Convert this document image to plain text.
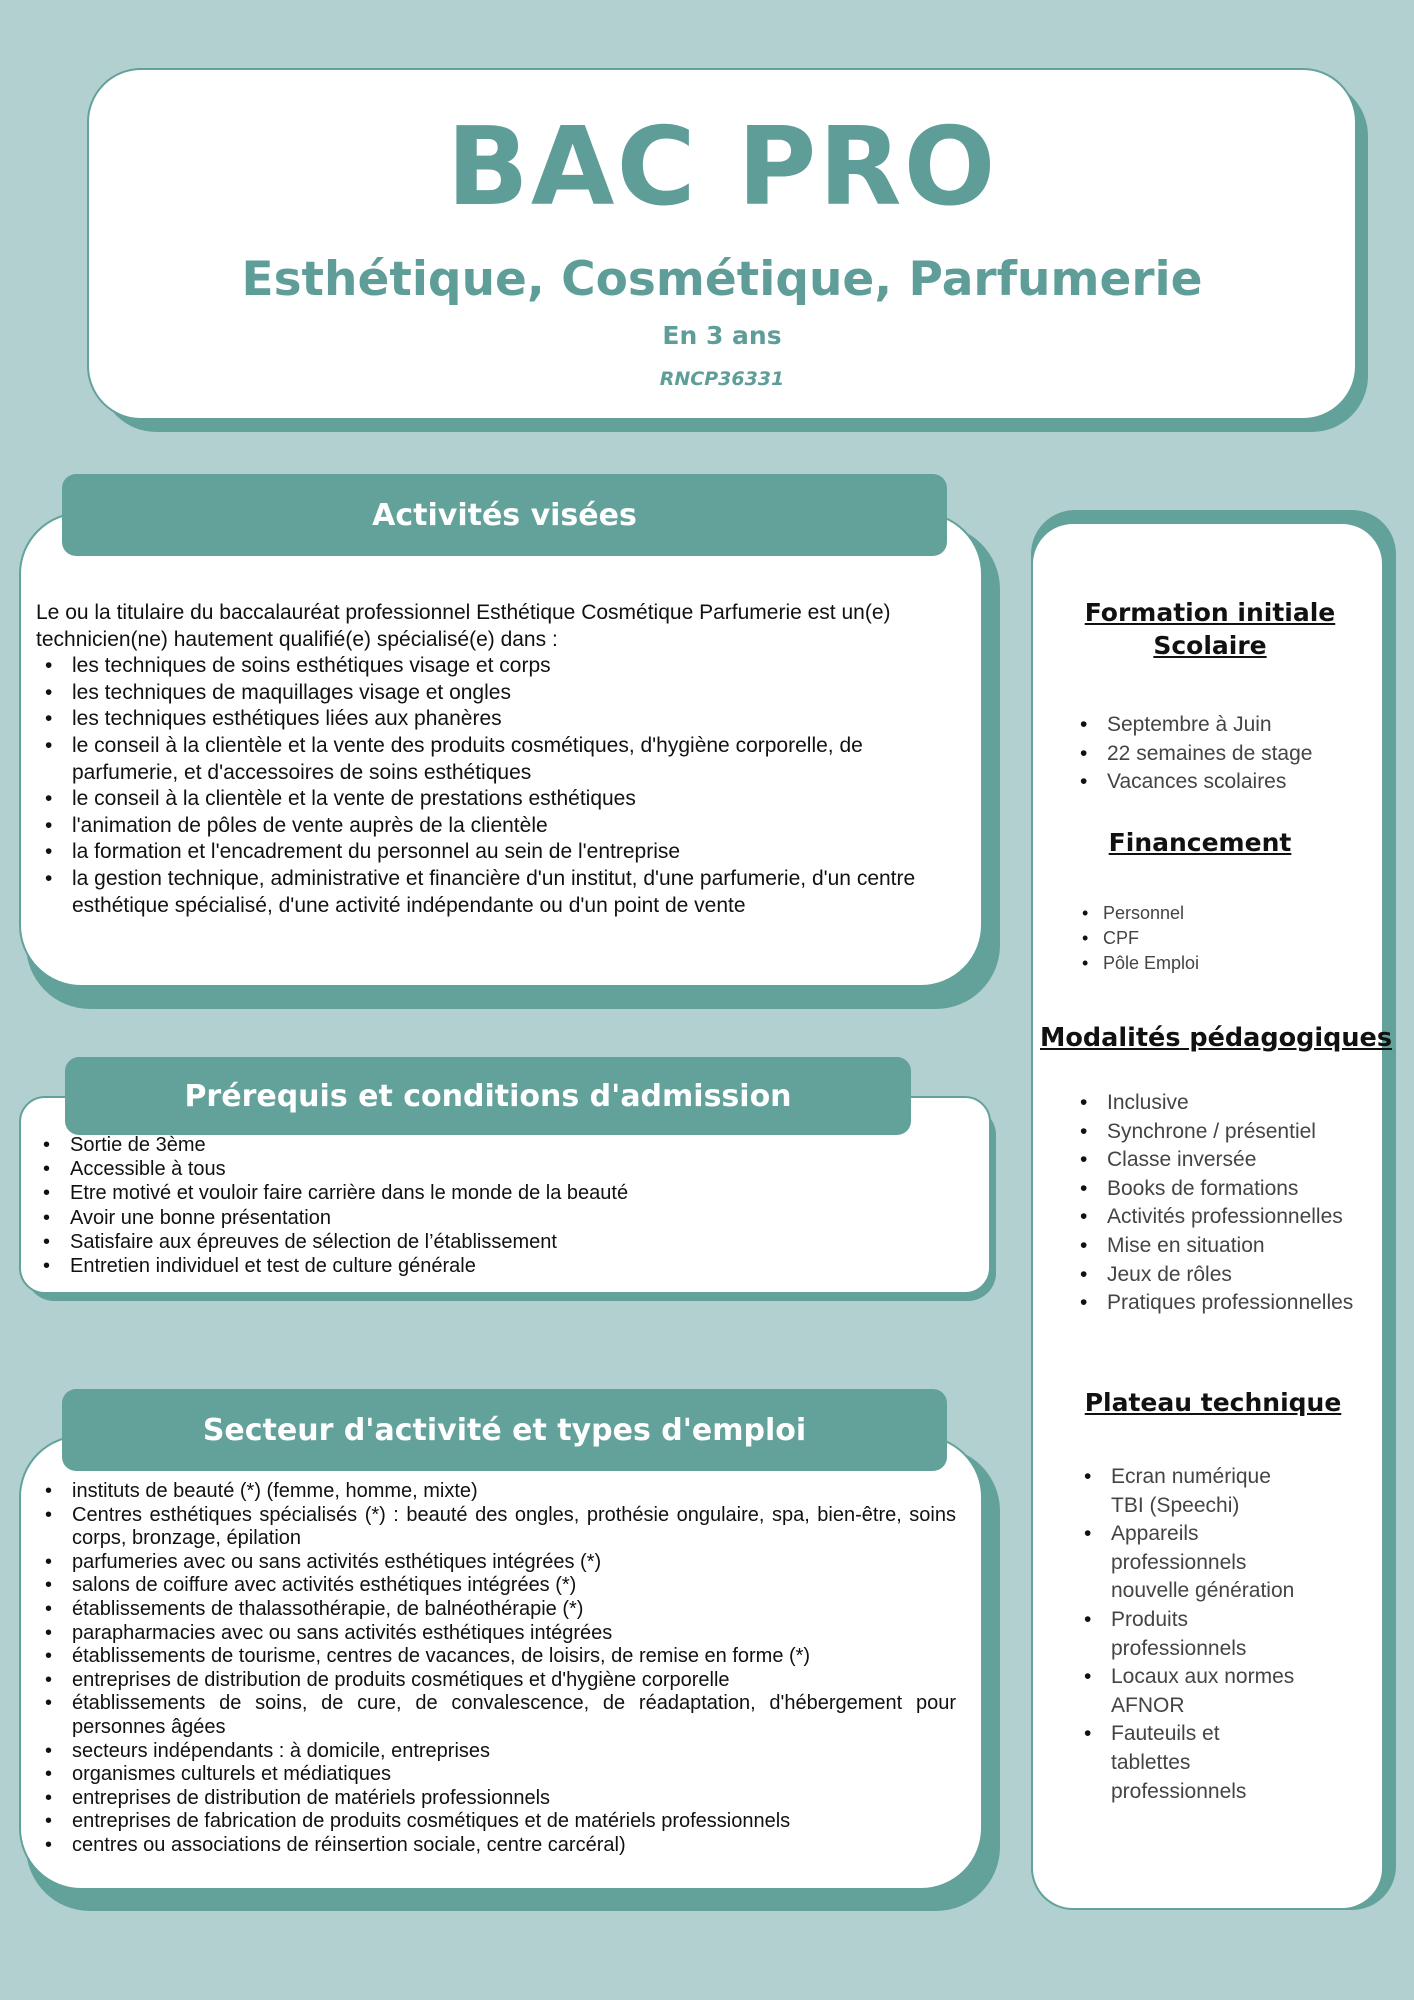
BAC PRO
Esthétique, Cosmétique, Parfumerie
En 3 ans
RNCP36331
Activités visées

Le ou la titulaire du baccalauréat professionnel Esthétique Cosmétique Parfumerie est un(e) technicien(ne) hautement qualifié(e) spécialisé(e) dans :

• les techniques de soins esthétiques visage et corps
• les techniques de maquillages visage et ongles
• les techniques esthétiques liées aux phanères
• le conseil à la clientèle et la vente des produits cosmétiques, d'hygiène corporelle, de parfumerie, et d'accessoires de soins esthétiques
• le conseil à la clientèle et la vente de prestations esthétiques
• l'animation de pôles de vente auprès de la clientèle
• la formation et l'encadrement du personnel au sein de l'entreprise
• la gestion technique, administrative et financière d'un institut, d'une parfumerie, d'un centre esthétique spécialisé, d'une activité indépendante ou d'un point de vente
Prérequis et conditions d'admission
• Sortie de 3ème
• Accessible à tous
• Etre motivé et vouloir faire carrière dans le monde de la beauté
• Avoir une bonne présentation
• Satisfaire aux épreuves de sélection de l’établissement
• Entretien individuel et test de culture générale
Secteur d'activité et types d'emploi
• instituts de beauté (*) (femme, homme, mixte)
• Centres esthétiques spécialisés (*) : beauté des ongles, prothésie ongulaire, spa, bien-être, soins corps, bronzage, épilation
• parfumeries avec ou sans activités esthétiques intégrées (*)
• salons de coiffure avec activités esthétiques intégrées (*)
• établissements de thalassothérapie, de balnéothérapie (*)
• parapharmacies avec ou sans activités esthétiques intégrées
• établissements de tourisme, centres de vacances, de loisirs, de remise en forme (*)
• entreprises de distribution de produits cosmétiques et d'hygiène corporelle
• établissements de soins, de cure, de convalescence, de réadaptation, d'hébergement pour personnes âgées
• secteurs indépendants : à domicile, entreprises
• organismes culturels et médiatiques
• entreprises de distribution de matériels professionnels
• entreprises de fabrication de produits cosmétiques et de matériels professionnels
• centres ou associations de réinsertion sociale, centre carcéral)
Formation initiale
Scolaire
• Septembre à Juin
• 22 semaines de stage
• Vacances scolaires
Financement
• Personnel
• CPF
• Pôle Emploi
Modalités pédagogiques
• Inclusive
• Synchrone / présentiel
• Classe inversée
• Books de formations
• Activités professionnelles
• Mise en situation
• Jeux de rôles
• Pratiques professionnelles
Plateau technique
• Ecran numérique
TBI (Speechi)
• Appareils
professionnels
nouvelle génération
• Produits
professionnels
• Locaux aux normes
AFNOR
• Fauteuils et
tablettes
professionnels
